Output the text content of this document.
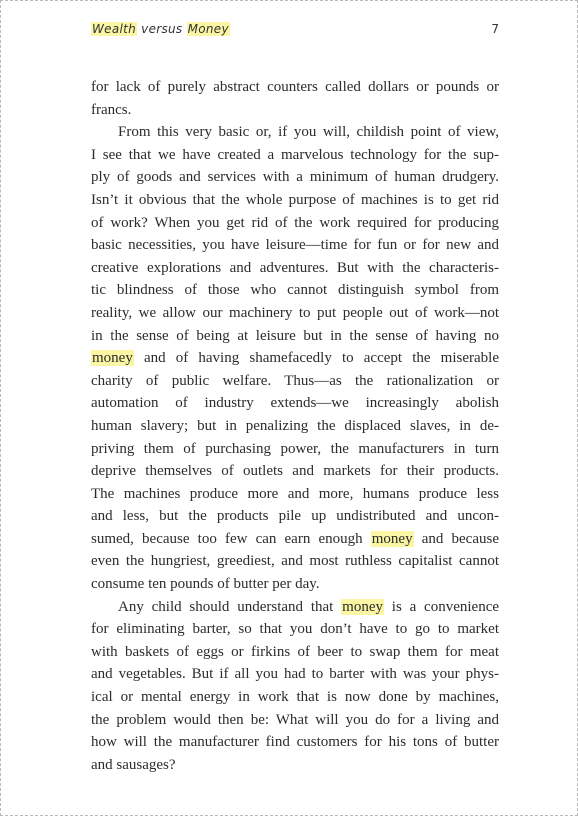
Wealth versus Money	7

for lack of purely abstract counters called dollars or pounds or
francs.

From this very basic or, if you will, childish point of view,
I see that we have created a marvelous technology for the sup-
ply of goods and services with a minimum of human drudgery.
Isn’t it obvious that the whole purpose of machines is to get rid
of work? When you get rid of the work required for producing
basic necessities, you have leisure—time for fun or for new and
creative explorations and adventures. But with the characteris-
tic blindness of those who cannot distinguish symbol from
reality, we allow our machinery to put people out of work—not
in the sense of being at leisure but in the sense of having no
money and of having shamefacedly to accept the miserable
charity of public welfare. Thus—as the rationalization or
automation of industry extends—we increasingly abolish
human slavery; but in penalizing the displaced slaves, in de-
priving them of purchasing power, the manufacturers in turn
deprive themselves of outlets and markets for their products.
The machines produce more and more, humans produce less
and less, but the products pile up undistributed and uncon-
sumed, because too few can earn enough money and because
even the hungriest, greediest, and most ruthless capitalist cannot
consume ten pounds of butter per day.

Any child should understand that money is a convenience
for eliminating barter, so that you don’t have to go to market
with baskets of eggs or firkins of beer to swap them for meat
and vegetables. But if all you had to barter with was your phys-
ical or mental energy in work that is now done by machines,
the problem would then be: What will you do for a living and
how will the manufacturer find customers for his tons of butter
and sausages?
